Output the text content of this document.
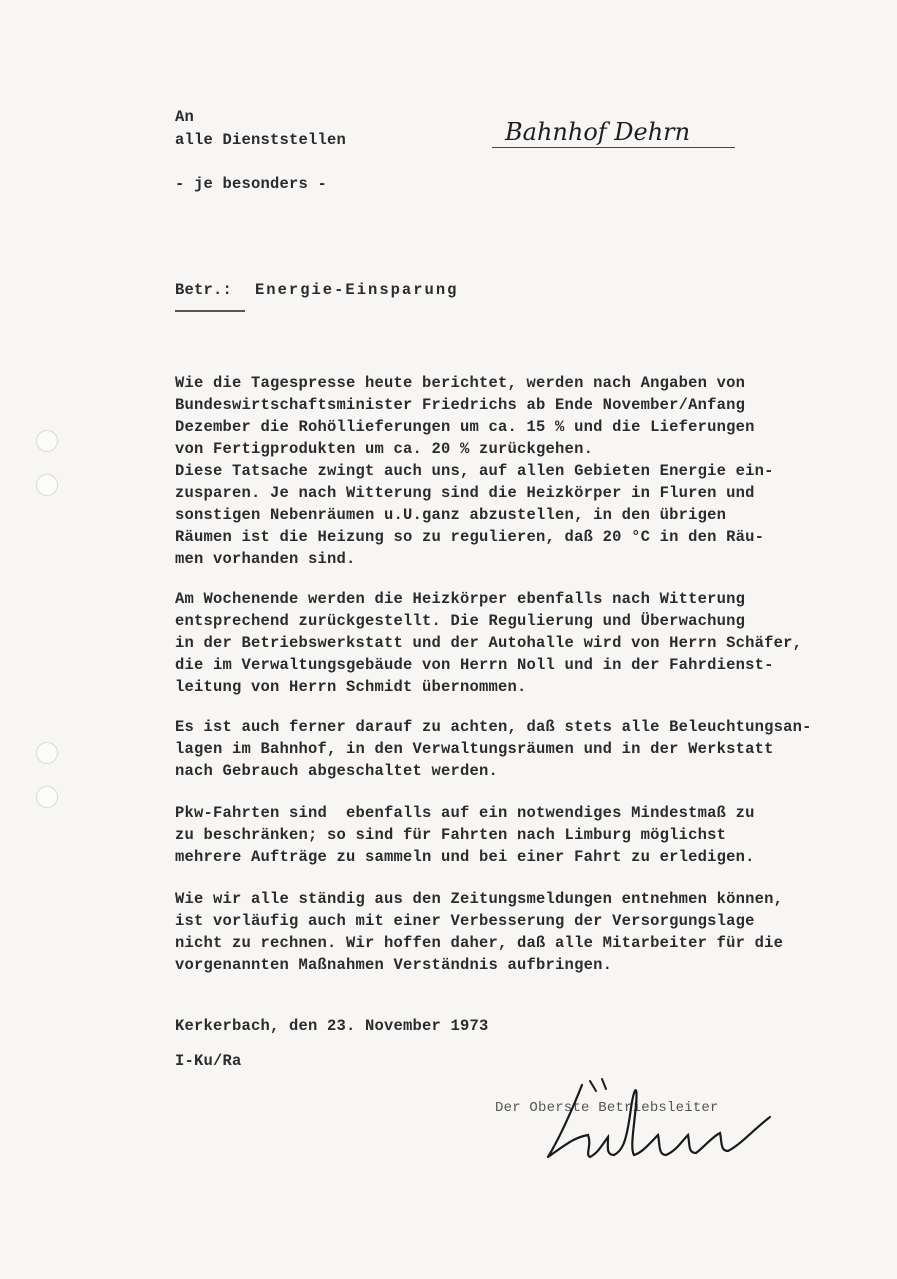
An
alle Dienststellen
- je besonders -
Bahnhof Dehrn
Betr.: Energie-Einsparung
Wie die Tagespresse heute berichtet, werden nach Angaben von
Bundeswirtschaftsminister Friedrichs ab Ende November/Anfang
Dezember die Rohöllieferungen um ca. 15 % und die Lieferungen
von Fertigprodukten um ca. 20 % zurückgehen.
Diese Tatsache zwingt auch uns, auf allen Gebieten Energie ein-
zusparen. Je nach Witterung sind die Heizkörper in Fluren und
sonstigen Nebenräumen u.U.ganz abzustellen, in den übrigen
Räumen ist die Heizung so zu regulieren, daß 20 °C in den Räu-
men vorhanden sind.
Am Wochenende werden die Heizkörper ebenfalls nach Witterung
entsprechend zurückgestellt. Die Regulierung und Überwachung
in der Betriebswerkstatt und der Autohalle wird von Herrn Schäfer,
die im Verwaltungsgebäude von Herrn Noll und in der Fahrdienst-
leitung von Herrn Schmidt übernommen.
Es ist auch ferner darauf zu achten, daß stets alle Beleuchtungsan-
lagen im Bahnhof, in den Verwaltungsräumen und in der Werkstatt
nach Gebrauch abgeschaltet werden.
Pkw-Fahrten sind  ebenfalls auf ein notwendiges Mindestmaß zu
zu beschränken; so sind für Fahrten nach Limburg möglichst
mehrere Aufträge zu sammeln und bei einer Fahrt zu erledigen.
Wie wir alle ständig aus den Zeitungsmeldungen entnehmen können,
ist vorläufig auch mit einer Verbesserung der Versorgungslage
nicht zu rechnen. Wir hoffen daher, daß alle Mitarbeiter für die
vorgenannten Maßnahmen Verständnis aufbringen.
Kerkerbach, den 23. November 1973
I-Ku/Ra
Der Oberste Betriebsleiter
